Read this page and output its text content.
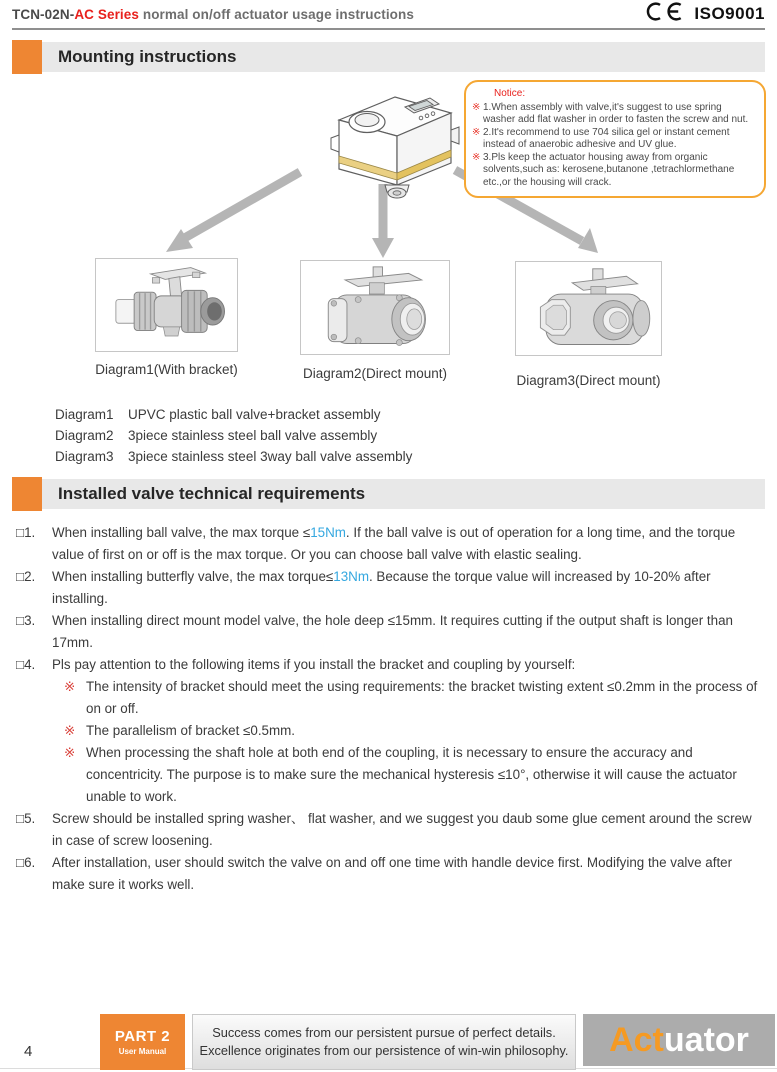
TCN-02N-AC Series normal on/off actuator usage instructions	ISO9001
Mounting instructions
Notice:
※ 1.When assembly with valve,it's suggest to use spring washer add flat washer in order to fasten the screw and nut.
※ 2.It's recommend to use 704 silica gel or instant cement instead of anaerobic adhesive and UV glue.
※ 3.Pls keep the actuator housing away from organic solvents,such as: kerosene,butanone ,tetrachlormethane etc.,or the housing will crack.
Diagram1(With bracket)	Diagram2(Direct mount)	Diagram3(Direct mount)
Diagram1	UPVC plastic ball valve+bracket assembly
Diagram2	3piece stainless steel ball valve assembly
Diagram3	3piece stainless steel 3way ball valve assembly
Installed valve technical requirements
□1.	When installing ball valve, the max torque ≤15Nm. If the ball valve is out of operation for a long time, and the torque value of first on or off is the max torque. Or you can choose ball valve with elastic sealing.
□2.	When installing butterfly valve, the max torque≤13Nm. Because the torque value will increased by 10-20% after installing.
□3.	When installing direct mount model valve, the hole deep ≤15mm. It requires cutting if the output shaft is longer than 17mm.
□4.	Pls pay attention to the following items if you install the bracket and coupling by yourself:
※ The intensity of bracket should meet the using requirements: the bracket twisting extent ≤0.2mm in the process of on or off.
※ The parallelism of bracket ≤0.5mm.
※ When processing the shaft hole at both end of the coupling, it is necessary to ensure the accuracy and concentricity. The purpose is to make sure the mechanical hysteresis ≤10°, otherwise it will cause the actuator unable to work.
□5.	Screw should be installed spring washer、 flat washer, and we suggest you daub some glue cement around the screw in case of screw loosening.
□6.	After installation, user should switch the valve on and off one time with handle device first. Modifying the valve after make sure it works well.
4
PART 2
User Manual
Success comes from our persistent pursue of perfect details.
Excellence originates from our persistence of win-win philosophy. Act uator
